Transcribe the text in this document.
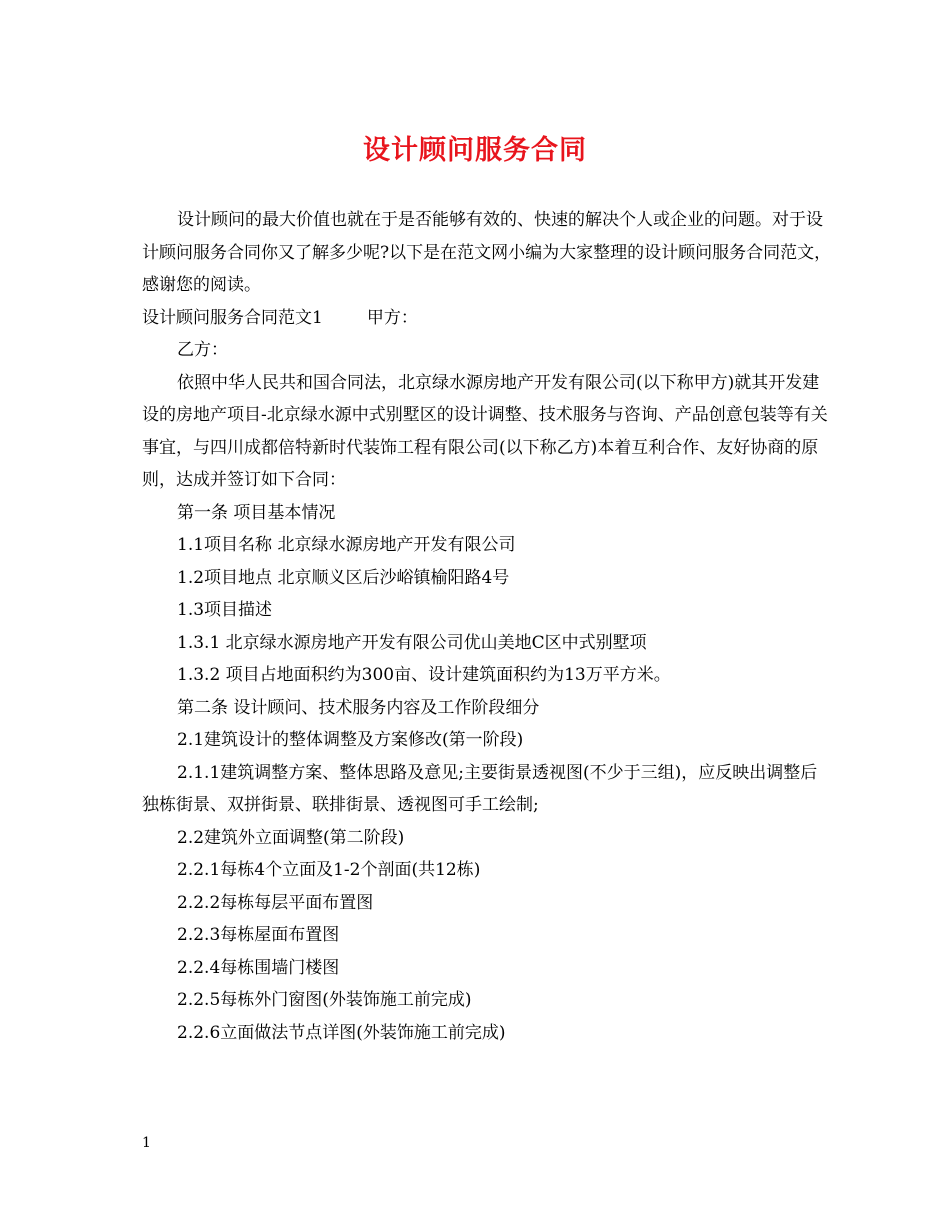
设计顾问服务合同

设计顾问的最大价值也就在于是否能够有效的、快速的解决个人或企业的问题。对于设计顾问服务合同你又了解多少呢?以下是在范文网小编为大家整理的设计顾问服务合同范文，感谢您的阅读。

设计顾问服务合同范文1	甲方：

乙方：

依照中华人民共和国合同法，北京绿水源房地产开发有限公司(以下称甲方)就其开发建设的房地产项目-北京绿水源中式别墅区的设计调整、技术服务与咨询、产品创意包装等有关事宜，与四川成都倍特新时代装饰工程有限公司(以下称乙方)本着互利合作、友好协商的原则，达成并签订如下合同：

第一条 项目基本情况

1.1项目名称 北京绿水源房地产开发有限公司

1.2项目地点 北京顺义区后沙峪镇榆阳路4号

1.3项目描述

1.3.1 北京绿水源房地产开发有限公司优山美地C区中式别墅项

1.3.2 项目占地面积约为300亩、设计建筑面积约为13万平方米。

第二条 设计顾问、技术服务内容及工作阶段细分

2.1建筑设计的整体调整及方案修改(第一阶段)

2.1.1建筑调整方案、整体思路及意见;主要街景透视图(不少于三组)，应反映出调整后独栋街景、双拼街景、联排街景、透视图可手工绘制;

2.2建筑外立面调整(第二阶段)

2.2.1每栋4个立面及1-2个剖面(共12栋)

2.2.2每栋每层平面布置图

2.2.3每栋屋面布置图

2.2.4每栋围墙门楼图

2.2.5每栋外门窗图(外装饰施工前完成)

2.2.6立面做法节点详图(外装饰施工前完成)

1
